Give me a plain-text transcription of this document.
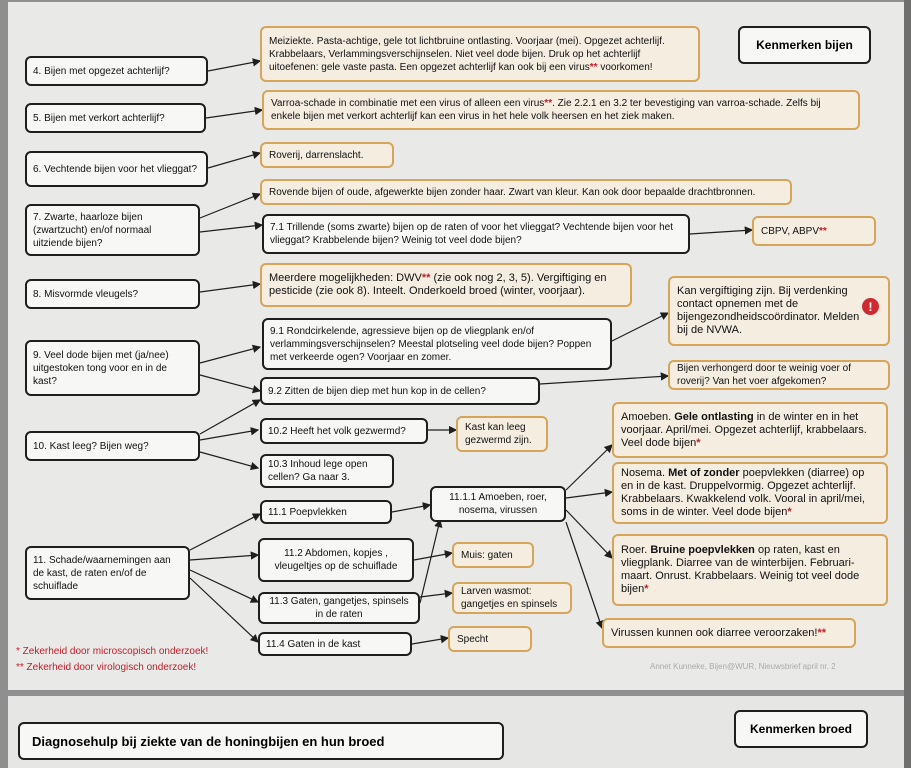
Kenmerken bijen
4. Bijen met opgezet achterlijf?
5. Bijen met verkort achterlijf?
6. Vechtende bijen voor het vlieggat?
7. Zwarte, haarloze bijen (zwartzucht) en/of normaal uitziende bijen?
8. Misvormde vleugels?
9. Veel dode bijen met (ja/nee) uitgestoken tong voor en in de kast?
10. Kast leeg? Bijen weg?
11. Schade/waarnemingen aan de kast, de raten en/of de schuiflade
7.1 Trillende (soms zwarte) bijen op de raten of voor het vlieggat? Vechtende bijen voor het vlieggat? Krabbelende bijen? Weinig tot veel dode bijen?
9.1 Rondcirkelende, agressieve bijen op de vliegplank en/of verlammingsverschijnselen? Meestal plotseling veel dode bijen? Poppen met verkeerde ogen? Voorjaar en zomer.
9.2 Zitten de bijen diep met hun kop in de cellen?
10.2 Heeft het volk gezwermd?
10.3 Inhoud lege open cellen? Ga naar 3.
11.1 Poepvlekken
11.1.1 Amoeben, roer, nosema, virussen
11.2 Abdomen, kopjes , vleugeltjes op de schuiflade
11.3 Gaten, gangetjes, spinsels in de raten
11.4 Gaten in de kast
Meiziekte. Pasta-achtige, gele tot lichtbruine ontlasting. Voorjaar (mei). Opgezet achterlijf. Krabbelaars, Verlammingsverschijnselen. Niet veel dode bijen. Druk op het achterlijf uitoefenen: gele vaste pasta. Een opgezet achterlijf kan ook bij een virus** voorkomen!
Varroa-schade in combinatie met een virus of alleen een virus**. Zie 2.2.1 en 3.2 ter bevestiging van varroa-schade. Zelfs bij enkele bijen met verkort achterlijf kan een virus in het hele volk heersen en het ziek maken.
Roverij, darrenslacht.
Rovende bijen of oude, afgewerkte bijen zonder haar. Zwart van kleur. Kan ook door bepaalde drachtbronnen.
CBPV, ABPV**
Meerdere mogelijkheden: DWV** (zie ook nog 2, 3, 5). Vergiftiging en pesticide (zie ook 8). Inteelt. Onderkoeld broed (winter, voorjaar).	Kan vergiftiging zijn. Bij verdenking contact opnemen met de bijengezondheidscoördinator. Melden bij de NVWA.
!
Bijen verhongerd door te weinig voer of roverij? Van het voer afgekomen?
Kast kan leeg gezwermd zijn.
Amoeben. Gele ontlasting in de winter en in het voorjaar. April/mei. Opgezet achterlijf, krabbelaars. Veel dode bijen*
Nosema. Met of zonder poepvlekken (diarree) op en in de kast. Druppelvormig. Opgezet achterlijf. Krabbelaars. Kwakkelend volk. Vooral in april/mei, soms in de winter. Veel dode bijen*
Roer. Bruine poepvlekken op raten, kast en vliegplank. Diarree van de winterbijen. Februari-maart. Onrust. Krabbelaars. Weinig tot veel dode bijen*
Virussen kunnen ook diarree veroorzaken!**
Muis: gaten
Larven wasmot: gangetjes en spinsels
Specht
* Zekerheid door microscopisch onderzoek!
** Zekerheid door virologisch onderzoek!	Annet Kunneke, Bijen@WUR, Nieuwsbrief april nr. 2
Diagnosehulp bij ziekte van de honingbijen en hun broed
Kenmerken broed
